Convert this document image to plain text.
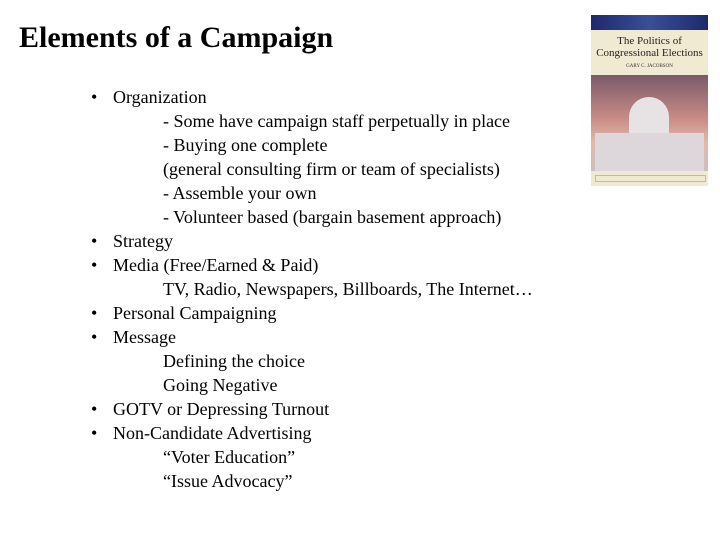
Elements of a Campaign
• Organization
- Some have campaign staff perpetually in place
- Buying one complete
(general consulting firm or team of specialists)
- Assemble your own
- Volunteer based (bargain basement approach)
• Strategy
• Media (Free/Earned & Paid)
TV, Radio, Newspapers, Billboards, The Internet…
• Personal Campaigning
• Message
Defining the choice
Going Negative
• GOTV or Depressing Turnout
• Non-Candidate Advertising
“Voter Education”
“Issue Advocacy”
The Politics of Congressional Elections
GARY C. JACOBSON
